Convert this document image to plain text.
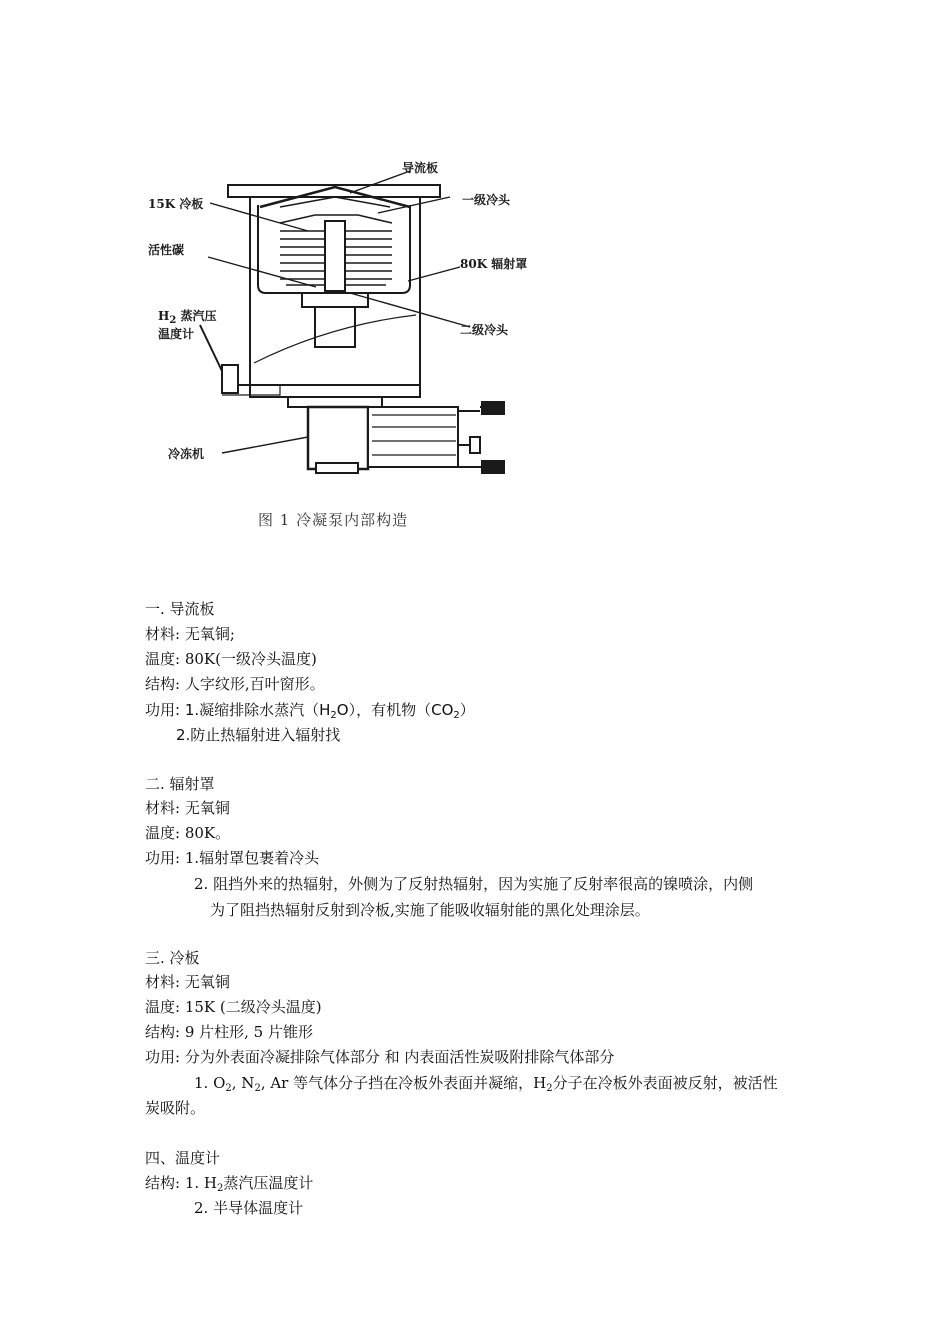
导流板
15K 冷板	一级冷头
活性碳
80K 辐射罩
$H_2$ 蒸汽压
温度计	二级冷头
冷冻机
图 1 冷凝泵内部构造
一. 导流板
材料: 无氧铜;
温度: 80K(一级冷头温度)
结构: 人字纹形,百叶窗形。
功用: 1.凝缩排除水蒸汽$(H_2O)$，有机物$(CO_2)$
2.防止热辐射进入辐射找
二. 辐射罩
材料: 无氧铜
温度: 80K。
功用: 1.辐射罩包裹着冷头
2. 阻挡外来的热辐射，外侧为了反射热辐射，因为实施了反射率很高的镍喷涂，内侧
为了阻挡热辐射反射到冷板,实施了能吸收辐射能的黑化处理涂层。
三. 冷板
材料: 无氧铜
温度: 15K (二级冷头温度)
结构: 9 片柱形, 5 片锥形
功用: 分为外表面冷凝排除气体部分 和 内表面活性炭吸附排除气体部分
1. $O_2$, $N_2$, Ar 等气体分子挡在冷板外表面并凝缩，$H_2$分子在冷板外表面被反射，被活性
炭吸附。
四、温度计
结构: 1. $H_2$蒸汽压温度计
2. 半导体温度计
